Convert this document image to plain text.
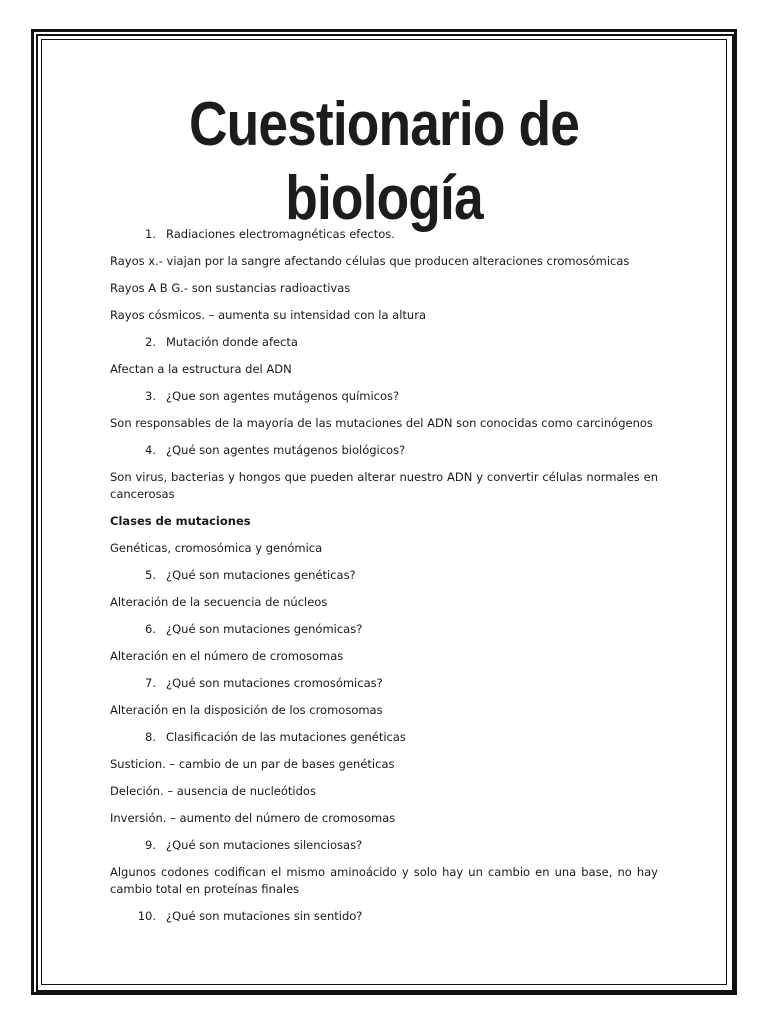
Cuestionario de
biología
1. Radiaciones electromagnéticas efectos.
Rayos x.- viajan por la sangre afectando células que producen alteraciones cromosómicas
Rayos A B G.- son sustancias radioactivas
Rayos cósmicos. – aumenta su intensidad con la altura
2. Mutación donde afecta
Afectan a la estructura del ADN
3. ¿Que son agentes mutágenos químicos?
Son responsables de la mayoría de las mutaciones del ADN son conocidas como carcinógenos
4. ¿Qué son agentes mutágenos biológicos?
Son virus, bacterias y hongos que pueden alterar nuestro ADN y convertir células normales en cancerosas
Clases de mutaciones
Genéticas, cromosómica y genómica
5. ¿Qué son mutaciones genéticas?
Alteración de la secuencia de núcleos
6. ¿Qué son mutaciones genómicas?
Alteración en el número de cromosomas
7. ¿Qué son mutaciones cromosómicas?
Alteración en la disposición de los cromosomas
8. Clasificación de las mutaciones genéticas
Susticion. – cambio de un par de bases genéticas
Deleción. – ausencia de nucleótidos
Inversión. – aumento del número de cromosomas
9. ¿Qué son mutaciones silenciosas?
Algunos codones codifican el mismo aminoácido y solo hay un cambio en una base, no hay cambio total en proteínas finales
10. ¿Qué son mutaciones sin sentido?
